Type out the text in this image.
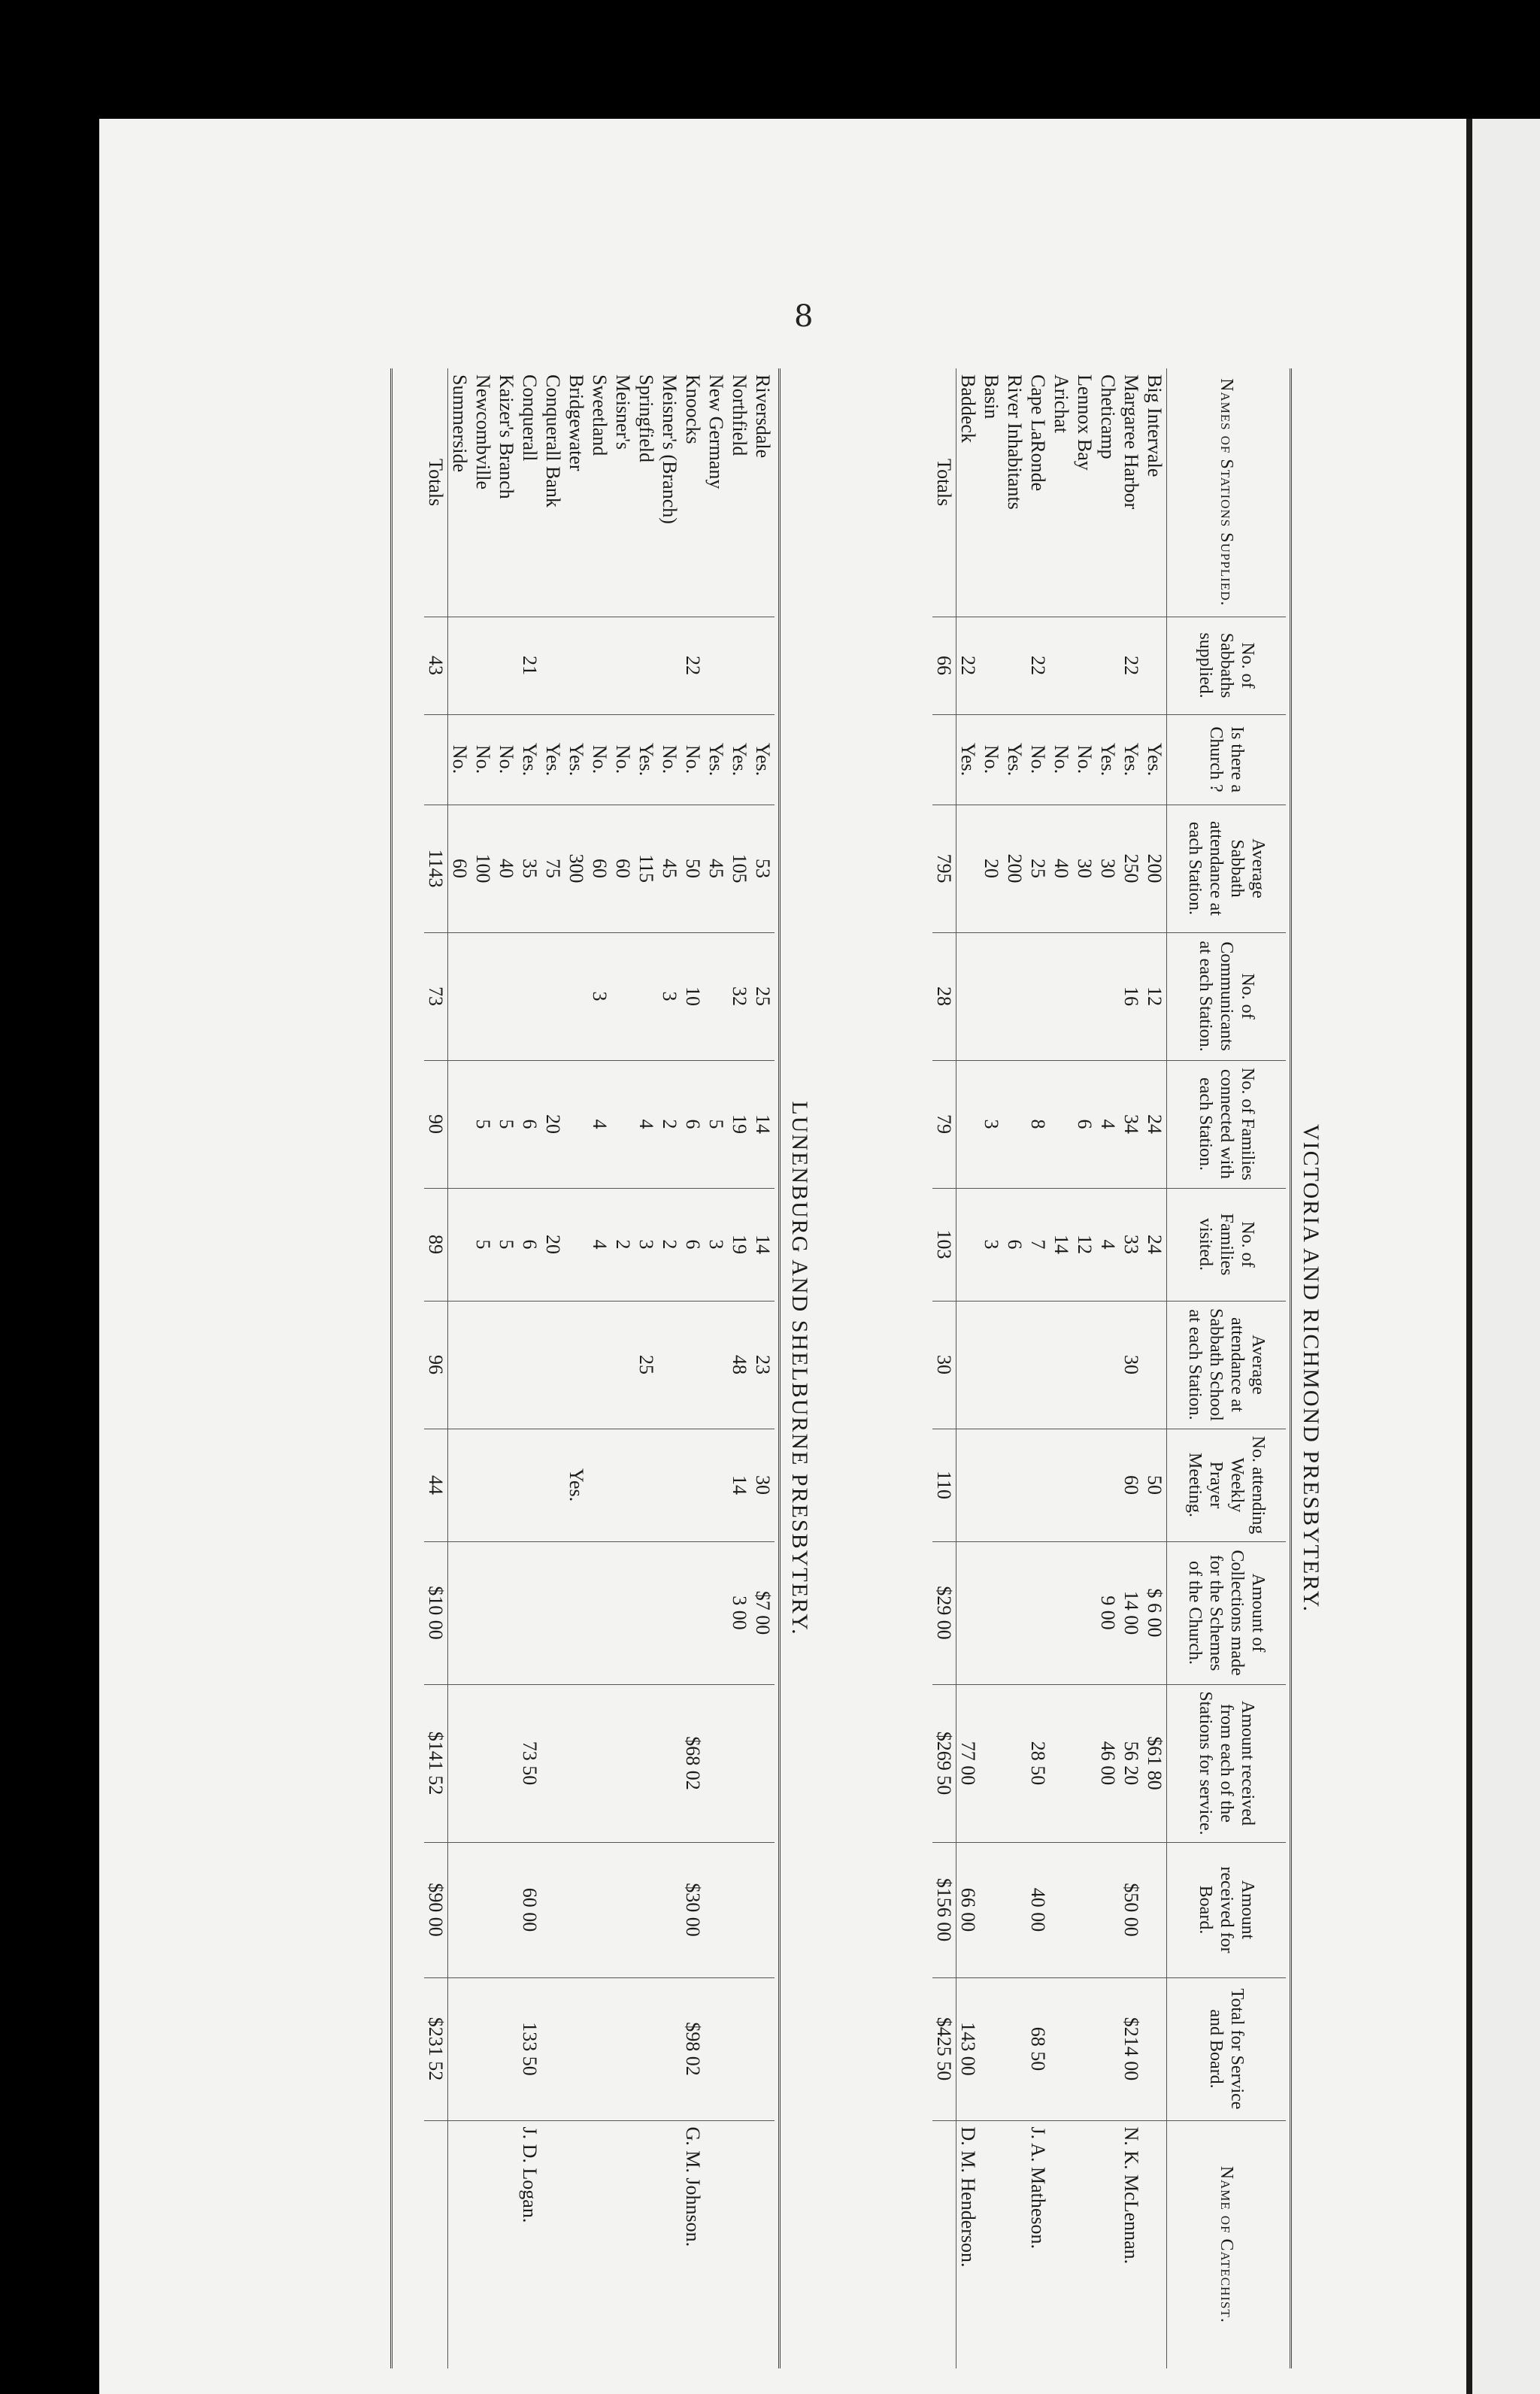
8
VICTORIA AND RICHMOND PRESBYTERY.
Names of Stations Supplied.	No. of Sabbaths supplied.	Is there a Church ?	Average Sabbath attendance at each Station.	No. of Communicants at each Station.	No. of Families connected with each Station.	No. of Families visited.	Average attendance at Sabbath School at each Station.	No. attending Weekly Prayer Meeting.	Amount of Collections made for the Schemes of the Church.	Amount received from each of the Stations for service.	Amount received for Board.	Total for Service and Board.	Name of Catechist.
Big Intervale		Yes.	200	12	24	24		50	$ 6 00	$61 80			
Margaree Harbor	22	Yes.	250	16	34	33	30	60	14 00	56 20	$50 00	$214 00	N. K. McLennan.
Cheticamp		Yes.	30		4	4			9 00	46 00			
Lennox Bay		No.	30		6	12							
Arichat		No.	40			14							
Cape LaRonde	22	No.	25		8	7				28 50	40 00	68 50	J. A. Matheson.
River Inhabitants		Yes.	200			6							
Basin		No.	20		3	3							
Baddeck	22	Yes.								77 00	66 00	143 00	D. M. Henderson.
Totals	66		795	28	79	103	30	110	$29 00	$269 50	$156 00	$425 50	
LUNENBURG AND SHELBURNE PRESBYTERY.
Riversdale		Yes.	53	25	14	14	23	30	$7 00				
Northfield		Yes.	105	32	19	19	48	14	3 00				
New Germany		Yes.	45		5	3							
Knoocks	22	No.	50	10	6	6				$68 02	$30 00	$98 02	G. M. Johnson.
Meisner's (Branch)		No.	45	3	2	2							
Springfield		Yes.	115		4	3	25						
Meisner's		No.	60			2							
Sweetland		No.	60	3	4	4							
Bridgewater		Yes.	300					Yes.					
Conquerall Bank		Yes.	75		20	20							
Conquerall	21	Yes.	35		6	6				73 50	60 00	133 50	J. D. Logan.
Kaizer's Branch		No.	40		5	5							
Newcombville		No.	100		5	5							
Summerside		No.	60										
Totals	43		1143	73	90	89	96	44	$10 00	$141 52	$90 00	$231 52	
